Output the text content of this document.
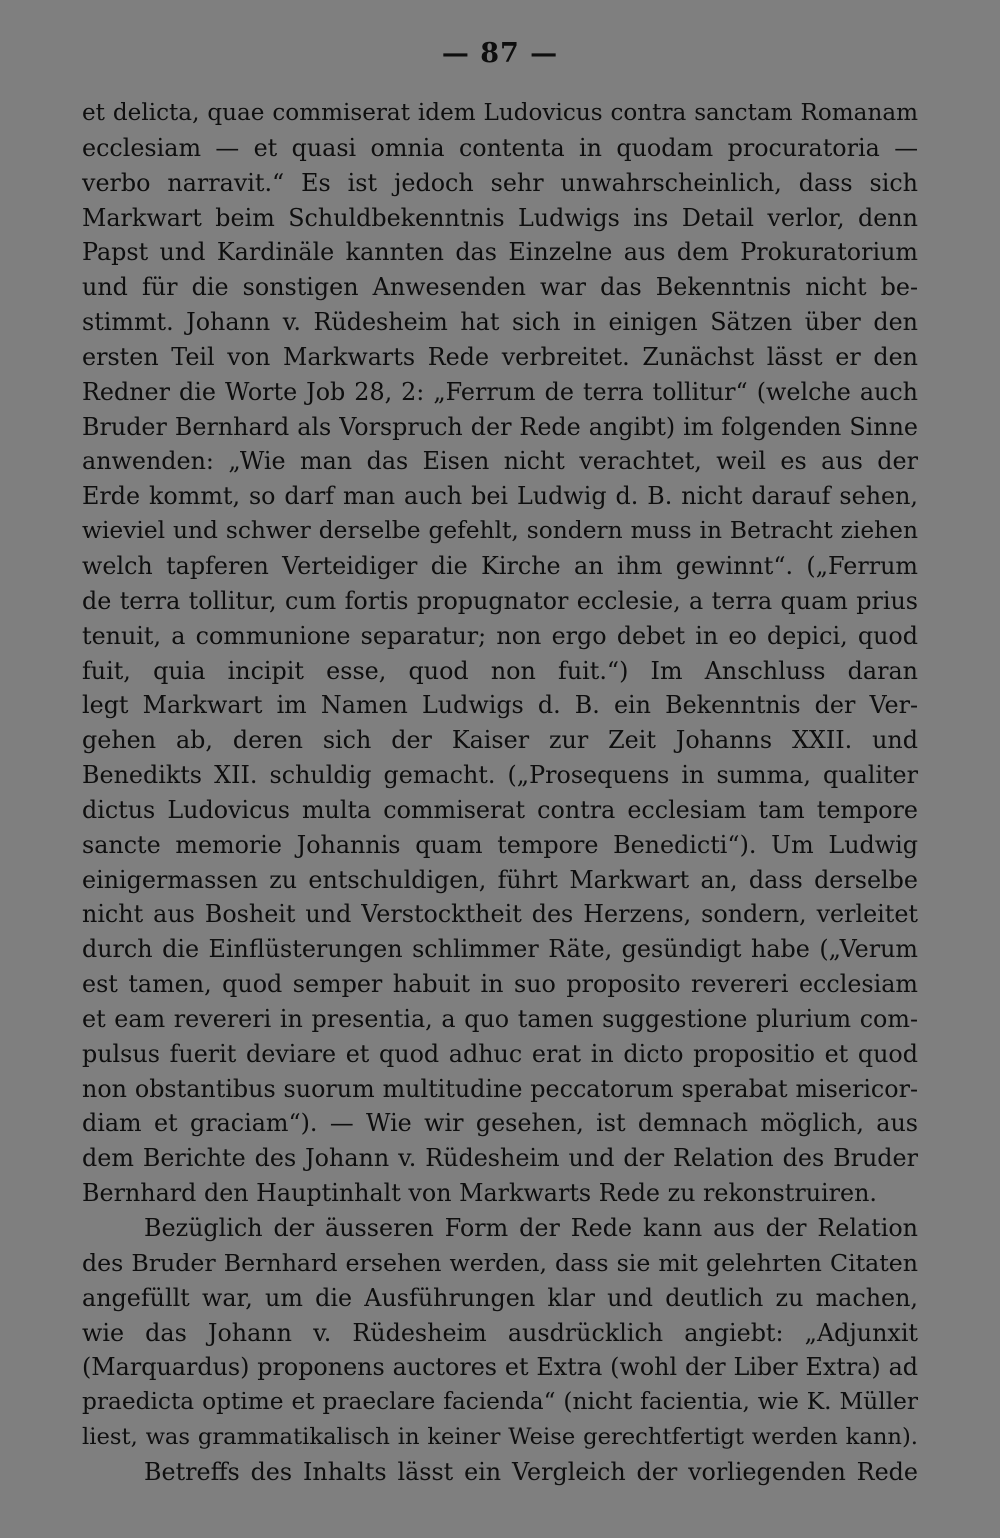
— 87 —
et delicta, quae commiserat idem Ludovicus contra sanctam Romanam
ecclesiam — et quasi omnia contenta in quodam procuratoria —
verbo narravit.“ Es ist jedoch sehr unwahrscheinlich, dass sich
Markwart beim Schuldbekenntnis Ludwigs ins Detail verlor, denn
Papst und Kardinäle kannten das Einzelne aus dem Prokuratorium
und für die sonstigen Anwesenden war das Bekenntnis nicht be-
stimmt. Johann v. Rüdesheim hat sich in einigen Sätzen über den
ersten Teil von Markwarts Rede verbreitet. Zunächst lässt er den
Redner die Worte Job 28, 2: „Ferrum de terra tollitur“ (welche auch
Bruder Bernhard als Vorspruch der Rede angibt) im folgenden Sinne
anwenden: „Wie man das Eisen nicht verachtet, weil es aus der
Erde kommt, so darf man auch bei Ludwig d. B. nicht darauf sehen,
wieviel und schwer derselbe gefehlt, sondern muss in Betracht ziehen
welch tapferen Verteidiger die Kirche an ihm gewinnt“. („Ferrum
de terra tollitur, cum fortis propugnator ecclesie, a terra quam prius
tenuit, a communione separatur; non ergo debet in eo depici, quod
fuit, quia incipit esse, quod non fuit.“) Im Anschluss daran
legt Markwart im Namen Ludwigs d. B. ein Bekenntnis der Ver-
gehen ab, deren sich der Kaiser zur Zeit Johanns XXII. und
Benedikts XII. schuldig gemacht. („Prosequens in summa, qualiter
dictus Ludovicus multa commiserat contra ecclesiam tam tempore
sancte memorie Johannis quam tempore Benedicti“). Um Ludwig
einigermassen zu entschuldigen, führt Markwart an, dass derselbe
nicht aus Bosheit und Verstocktheit des Herzens, sondern, verleitet
durch die Einflüsterungen schlimmer Räte, gesündigt habe („Verum
est tamen, quod semper habuit in suo proposito revereri ecclesiam
et eam revereri in presentia, a quo tamen suggestione plurium com-
pulsus fuerit deviare et quod adhuc erat in dicto propositio et quod
non obstantibus suorum multitudine peccatorum sperabat misericor-
diam et graciam“). — Wie wir gesehen, ist demnach möglich, aus
dem Berichte des Johann v. Rüdesheim und der Relation des Bruder
Bernhard den Hauptinhalt von Markwarts Rede zu rekonstruiren.
Bezüglich der äusseren Form der Rede kann aus der Relation
des Bruder Bernhard ersehen werden, dass sie mit gelehrten Citaten
angefüllt war, um die Ausführungen klar und deutlich zu machen,
wie das Johann v. Rüdesheim ausdrücklich angiebt: „Adjunxit
(Marquardus) proponens auctores et Extra (wohl der Liber Extra) ad
praedicta optime et praeclare facienda“ (nicht facientia, wie K. Müller
liest, was grammatikalisch in keiner Weise gerechtfertigt werden kann).
Betreffs des Inhalts lässt ein Vergleich der vorliegenden Rede
